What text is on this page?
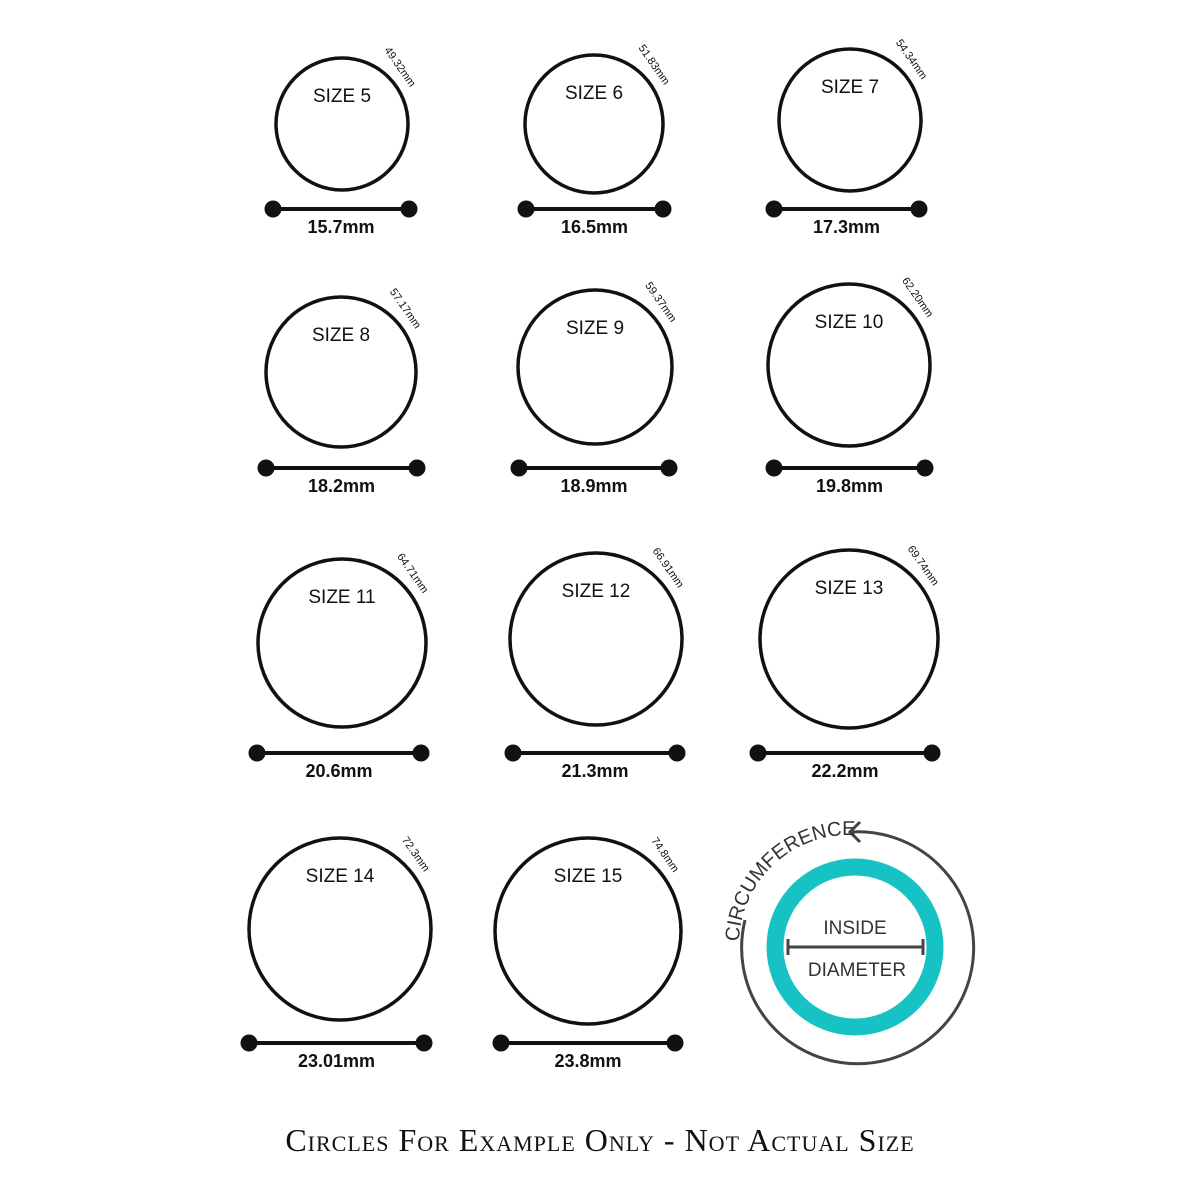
SIZE 5
49.32mm
15.7mm
SIZE 6
51.83mm
16.5mm
SIZE 7
54.34mm
17.3mm
SIZE 8
57.17mm
18.2mm
SIZE 9
59.37mm
18.9mm
SIZE 10
62.20mm
19.8mm
SIZE 11
64.71mm
20.6mm
SIZE 12
66.91mm
21.3mm
SIZE 13
69.74mm
22.2mm
SIZE 14
72.3mm
23.01mm
SIZE 15
74.8mm
23.8mm
CIRCUMFERENCE
INSIDE
DIAMETER
Circles For Example Only - Not Actual Size
